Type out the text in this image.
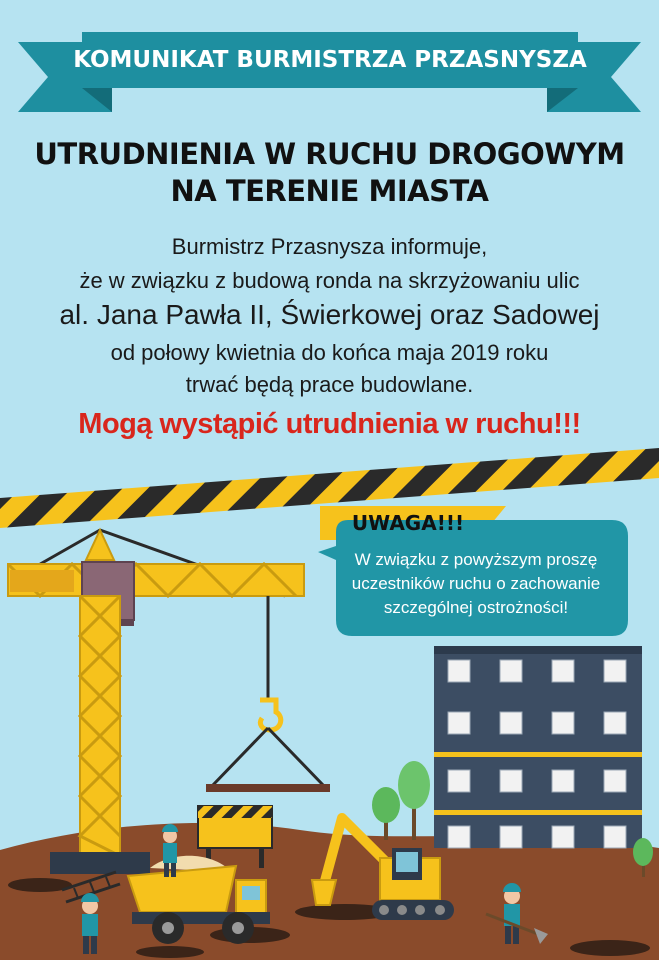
KOMUNIKAT BURMISTRZA PRZASNYSZA
UTRUDNIENIA W RUCHU DROGOWYM
NA TERENIE MIASTA
Burmistrz Przasnysza informuje,
że w związku z budową ronda na skrzyżowaniu ulic
al. Jana Pawła II, Świerkowej oraz Sadowej
od połowy kwietnia do końca maja 2019 roku
trwać będą prace budowlane.
Mogą wystąpić utrudnienia w ruchu!!!
UWAGA!!!
W związku z powyższym proszę
uczestników ruchu o zachowanie
szczególnej ostrożności!
